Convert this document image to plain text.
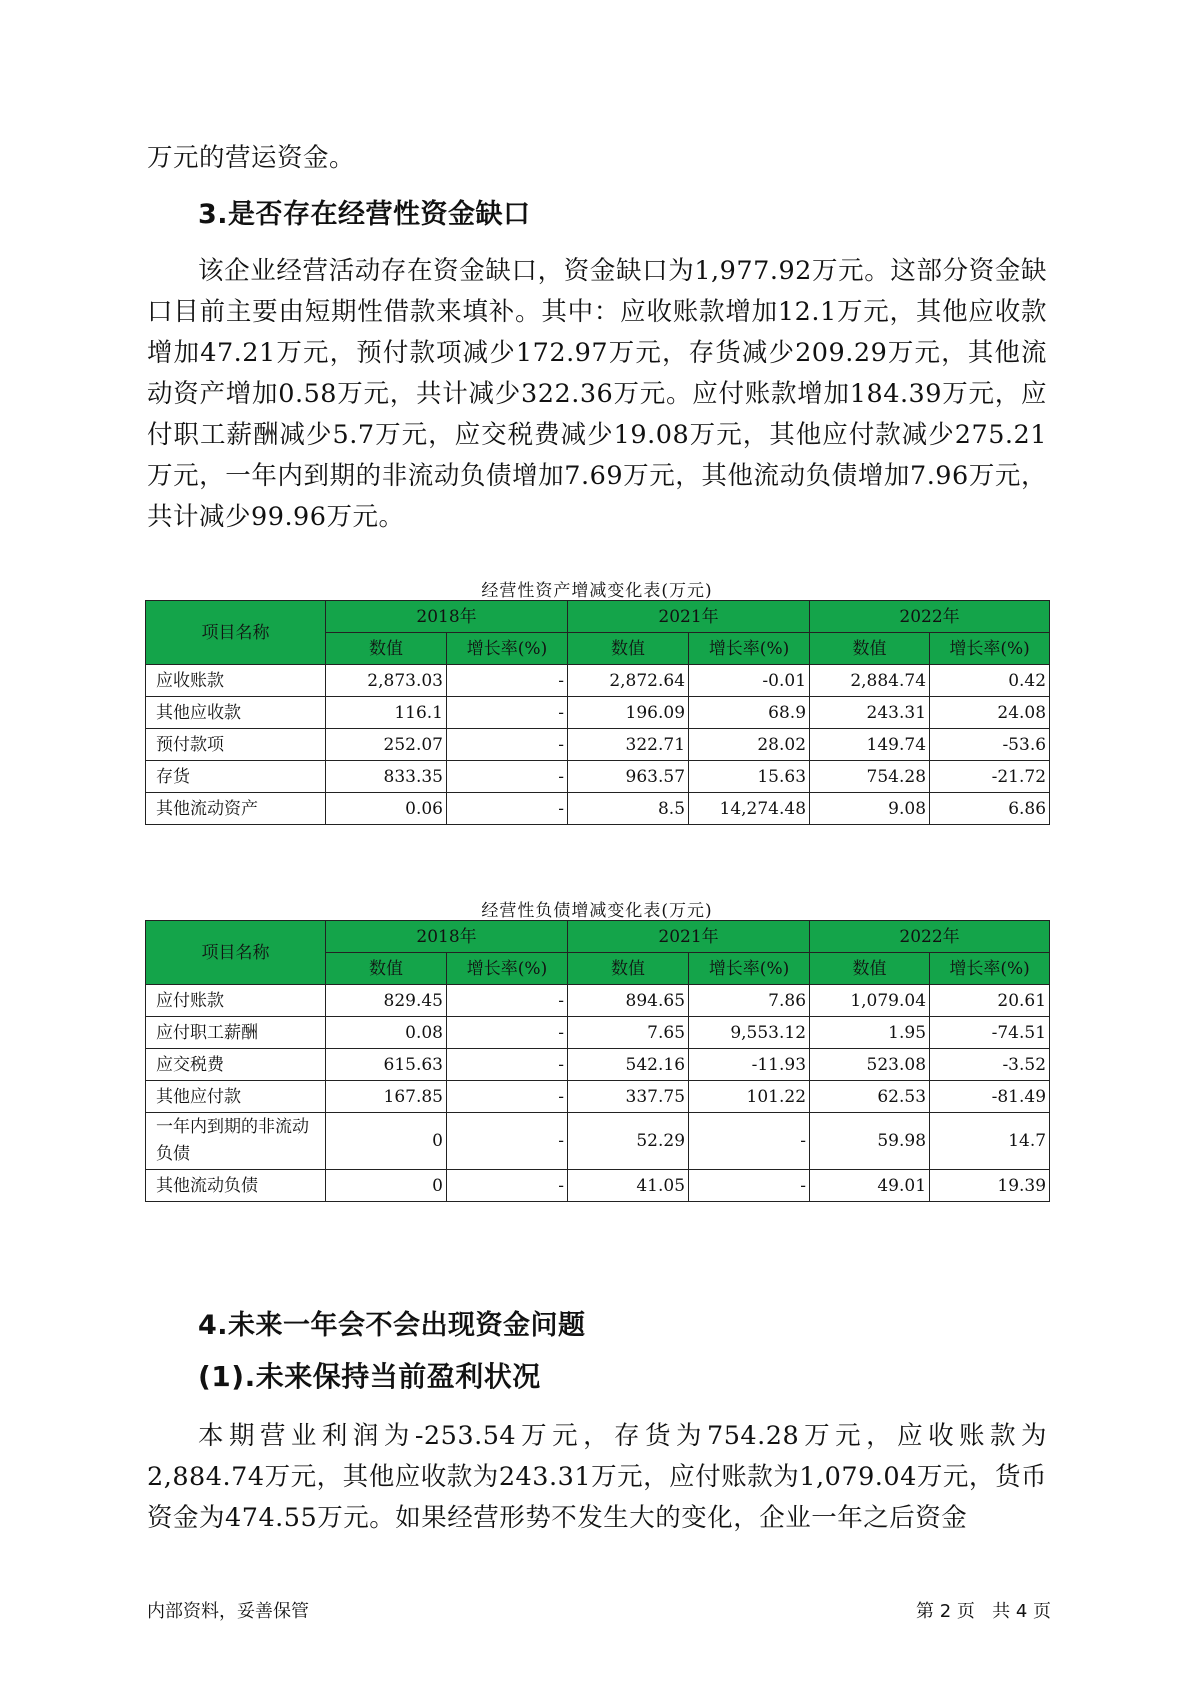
万元的营运资金。
3.是否存在经营性资金缺口
该企业经营活动存在资金缺口，资金缺口为1,977.92万元。这部分资金缺口目前主要由短期性借款来填补。其中：应收账款增加12.1万元，其他应收款增加47.21万元，预付款项减少172.97万元，存货减少209.29万元，其他流动资产增加0.58万元，共计减少322.36万元。应付账款增加184.39万元，应付职工薪酬减少5.7万元，应交税费减少19.08万元，其他应付款减少275.21万元，一年内到期的非流动负债增加7.69万元，其他流动负债增加7.96万元，共计减少99.96万元。
经营性资产增减变化表(万元)
项目名称	2018年		2021年		2022年	
	数值	增长率(%)	数值	增长率(%)	数值	增长率(%)
应收账款	2,873.03	-	2,872.64	-0.01	2,884.74	0.42
其他应收款	116.1	-	196.09	68.9	243.31	24.08
预付款项	252.07	-	322.71	28.02	149.74	-53.6
存货	833.35	-	963.57	15.63	754.28	-21.72
其他流动资产	0.06	-	8.5	14,274.48	9.08	6.86
经营性负债增减变化表(万元)
项目名称	2018年		2021年		2022年	
	数值	增长率(%)	数值	增长率(%)	数值	增长率(%)
应付账款	829.45	-	894.65	7.86	1,079.04	20.61
应付职工薪酬	0.08	-	7.65	9,553.12	1.95	-74.51
应交税费	615.63	-	542.16	-11.93	523.08	-3.52
其他应付款	167.85	-	337.75	101.22	62.53	-81.49
一年内到期的非流动负债	0	-	52.29	-	59.98	14.7
其他流动负债	0	-	41.05	-	49.01	19.39
4.未来一年会不会出现资金问题
(1).未来保持当前盈利状况
本期营业利润为-253.54万元，存货为754.28万元，应收账款为2,884.74万元，其他应收款为243.31万元，应付账款为1,079.04万元，货币资金为474.55万元。如果经营形势不发生大的变化，企业一年之后资金
内部资料，妥善保管	第 2 页   共 4 页
